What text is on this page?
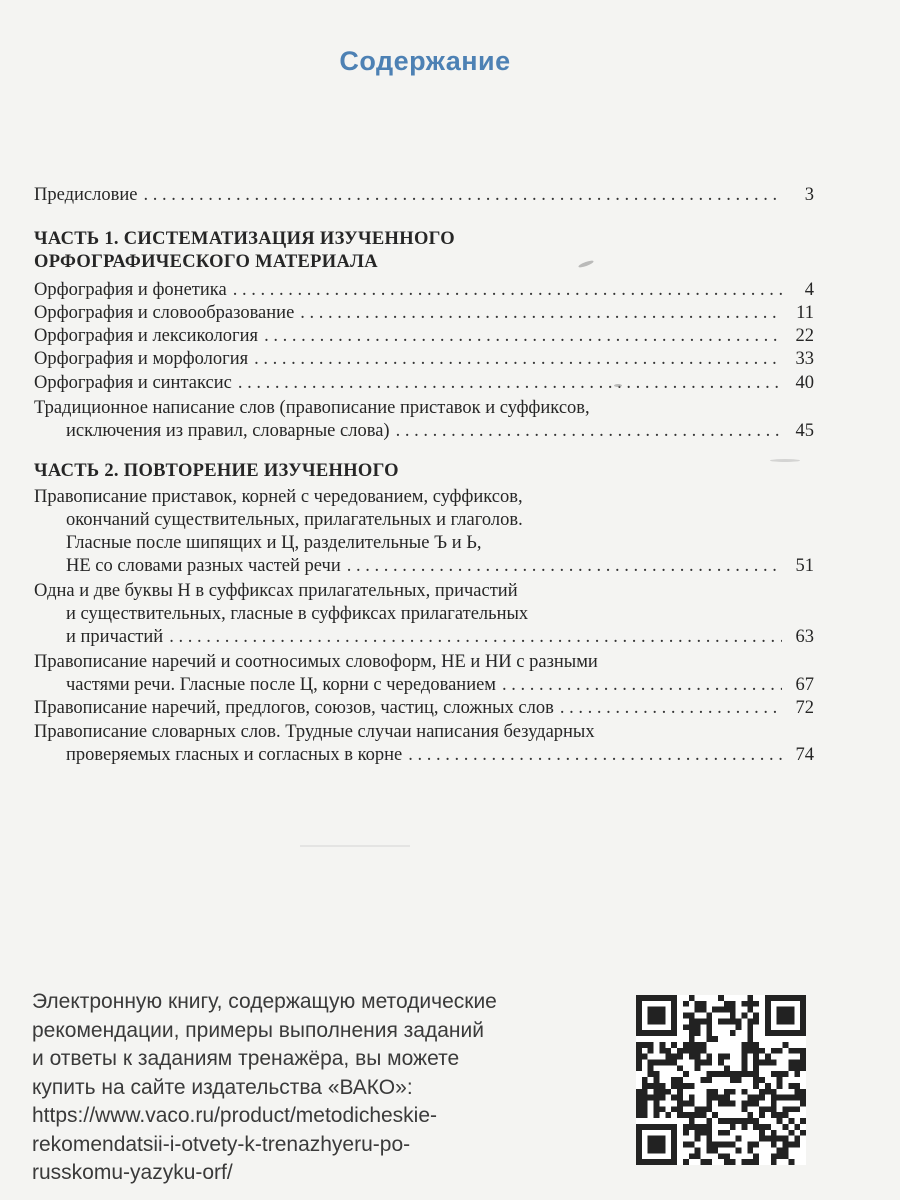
Содержание
Предисловие . . .	3
ЧАСТЬ 1. СИСТЕМАТИЗАЦИЯ ИЗУЧЕННОГО
ОРФОГРАФИЧЕСКОГО МАТЕРИАЛА
Орфография и фонетика . . .	4
Орфография и словообразование . . .	11
Орфография и лексикология . . .	22
Орфография и морфология . . .	33
Орфография и синтаксис . . .	40
Традиционное написание слов (правописание приставок и суффиксов,
исключения из правил, словарные слова) . . .	45
ЧАСТЬ 2. ПОВТОРЕНИЕ ИЗУЧЕННОГО
Правописание приставок, корней с чередованием, суффиксов,
окончаний существительных, прилагательных и глаголов.
Гласные после шипящих и Ц, разделительные Ъ и Ь,
НЕ со словами разных частей речи . . .	51
Одна и две буквы Н в суффиксах прилагательных, причастий
и существительных, гласные в суффиксах прилагательных
и причастий . . .	63
Правописание наречий и соотносимых словоформ, НЕ и НИ с разными
частями речи. Гласные после Ц, корни с чередованием . . .	67
Правописание наречий, предлогов, союзов, частиц, сложных слов . . .	72
Правописание словарных слов. Трудные случаи написания безударных
проверяемых гласных и согласных в корне . . .	74
Электронную книгу, содержащую методические
рекомендации, примеры выполнения заданий
и ответы к заданиям тренажёра, вы можете
купить на сайте издательства «ВАКО»:
https://www.vaco.ru/product/metodicheskie-
rekomendatsii-i-otvety-k-trenazhyeru-po-
russkomu-yazyku-orf/
